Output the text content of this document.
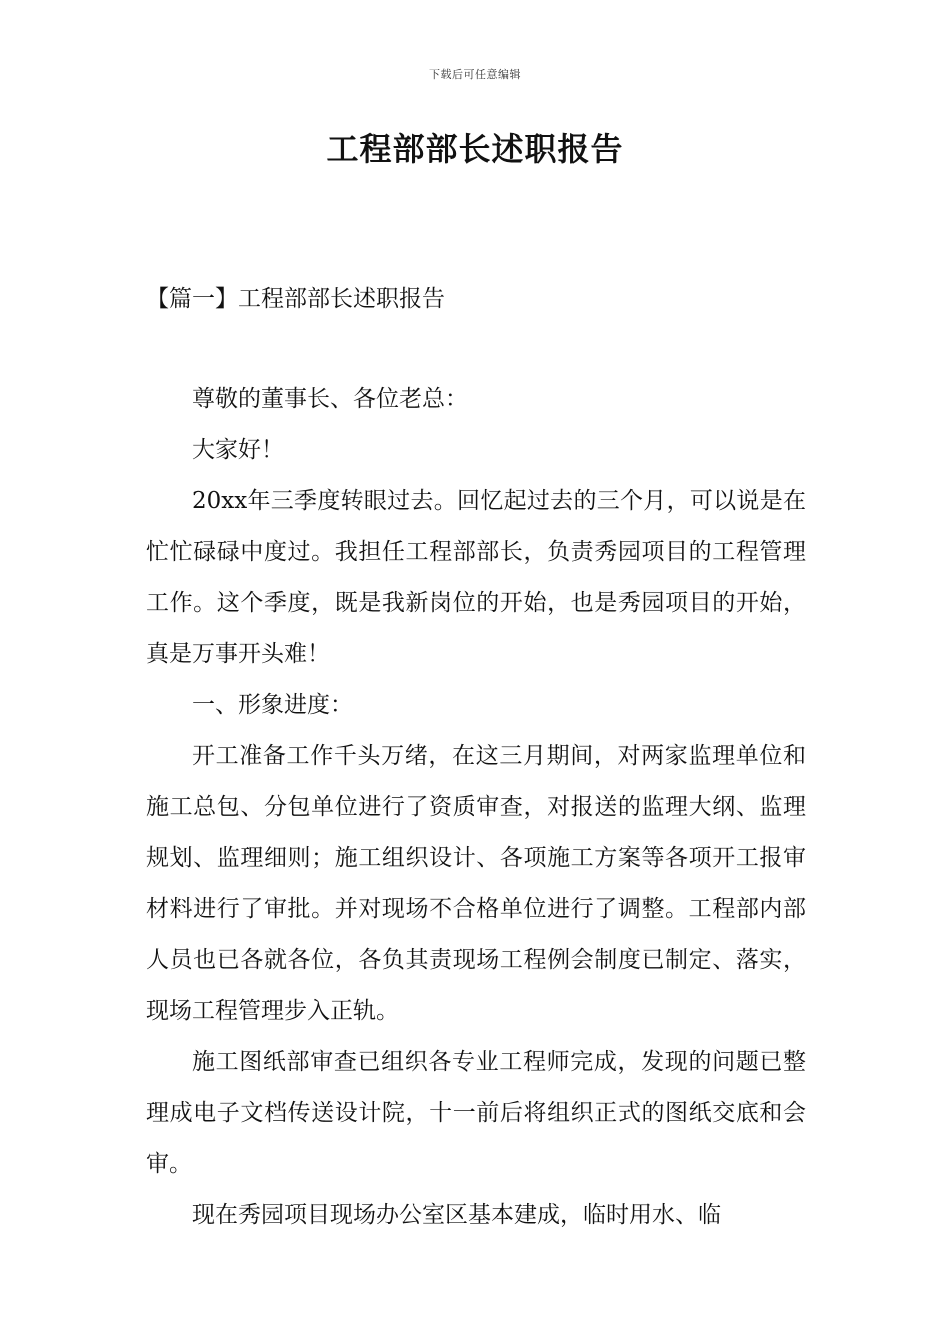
下载后可任意编辑
工程部部长述职报告
【篇一】工程部部长述职报告

尊敬的董事长、各位老总：

大家好！

20xx年三季度转眼过去。回忆起过去的三个月，可以说是在忙忙碌碌中度过。我担任工程部部长，负责秀园项目的工程管理工作。这个季度，既是我新岗位的开始，也是秀园项目的开始，真是万事开头难！

一、形象进度：

开工准备工作千头万绪，在这三月期间，对两家监理单位和施工总包、分包单位进行了资质审查，对报送的监理大纲、监理规划、监理细则；施工组织设计、各项施工方案等各项开工报审材料进行了审批。并对现场不合格单位进行了调整。工程部内部人员也已各就各位，各负其责现场工程例会制度已制定、落实，现场工程管理步入正轨。

施工图纸部审查已组织各专业工程师完成，发现的问题已整理成电子文档传送设计院，十一前后将组织正式的图纸交底和会审。

现在秀园项目现场办公室区基本建成，临时用水、临
